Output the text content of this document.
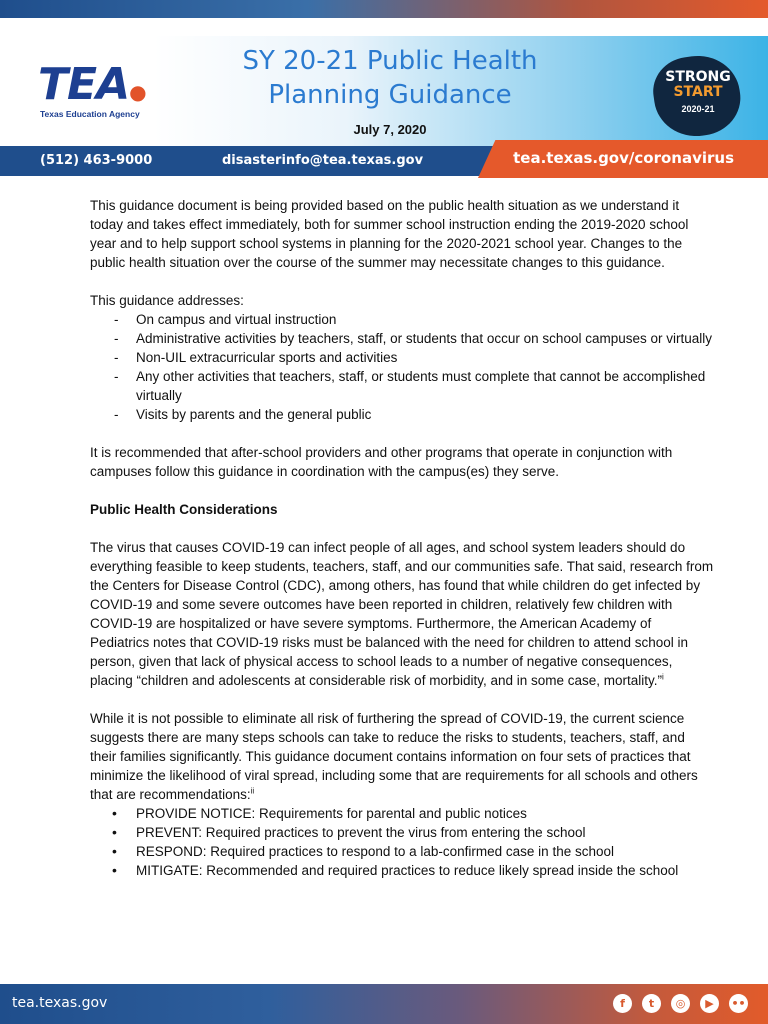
TEA●
Texas Education Agency
SY 20-21 Public Health
Planning Guidance
July 7, 2020
STRONG
START
2020-21
(512) 463-9000	disasterinfo@tea.texas.gov	tea.texas.gov/coronavirus

This guidance document is being provided based on the public health situation as we understand it today and takes effect immediately, both for summer school instruction ending the 2019-2020 school year and to help support school systems in planning for the 2020-2021 school year. Changes to the public health situation over the course of the summer may necessitate changes to this guidance.

This guidance addresses:

- On campus and virtual instruction
- Administrative activities by teachers, staff, or students that occur on school campuses or virtually
- Non-UIL extracurricular sports and activities
- Any other activities that teachers, staff, or students must complete that cannot be accomplished virtually
- Visits by parents and the general public

It is recommended that after-school providers and other programs that operate in conjunction with campuses follow this guidance in coordination with the campus(es) they serve.

Public Health Considerations

The virus that causes COVID-19 can infect people of all ages, and school system leaders should do everything feasible to keep students, teachers, staff, and our communities safe. That said, research from the Centers for Disease Control (CDC), among others, has found that while children do get infected by COVID-19 and some severe outcomes have been reported in children, relatively few children with COVID-19 are hospitalized or have severe symptoms. Furthermore, the American Academy of Pediatrics notes that COVID-19 risks must be balanced with the need for children to attend school in person, given that lack of physical access to school leads to a number of negative consequences, placing “children and adolescents at considerable risk of morbidity, and in some case, mortality.”$^i$

While it is not possible to eliminate all risk of furthering the spread of COVID-19, the current science suggests there are many steps schools can take to reduce the risks to students, teachers, staff, and their families significantly. This guidance document contains information on four sets of practices that minimize the likelihood of viral spread, including some that are requirements for all schools and others that are recommendations:$^{ii}$

• PROVIDE NOTICE: Requirements for parental and public notices
• PREVENT: Required practices to prevent the virus from entering the school
• RESPOND: Required practices to respond to a lab-confirmed case in the school
• MITIGATE: Recommended and required practices to reduce likely spread inside the school
tea.texas.gov	f	t	◎	▶	••
